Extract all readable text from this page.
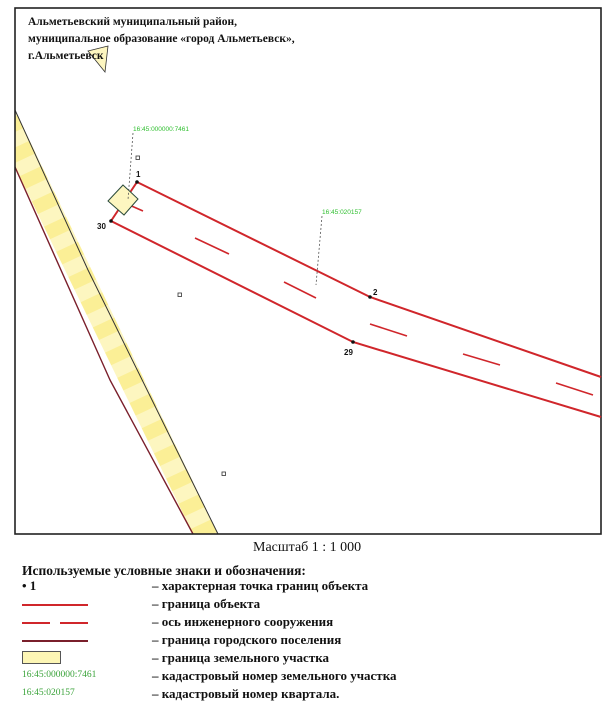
16:45:000000:7461
16:45:020157
1
2
29
30
Альметьевский муниципальный район,
муниципальное образование «город Альметьевск»,
г.Альметьевск
Масштаб 1 : 1 000
Используемые условные знаки и обозначения:
• 1	– характерная точка границ объекта
– граница объекта
– ось инженерного сооружения
– граница городского поселения
– граница земельного участка
16:45:000000:7461	– кадастровый номер земельного участка
16:45:020157	– кадастровый номер квартала.
